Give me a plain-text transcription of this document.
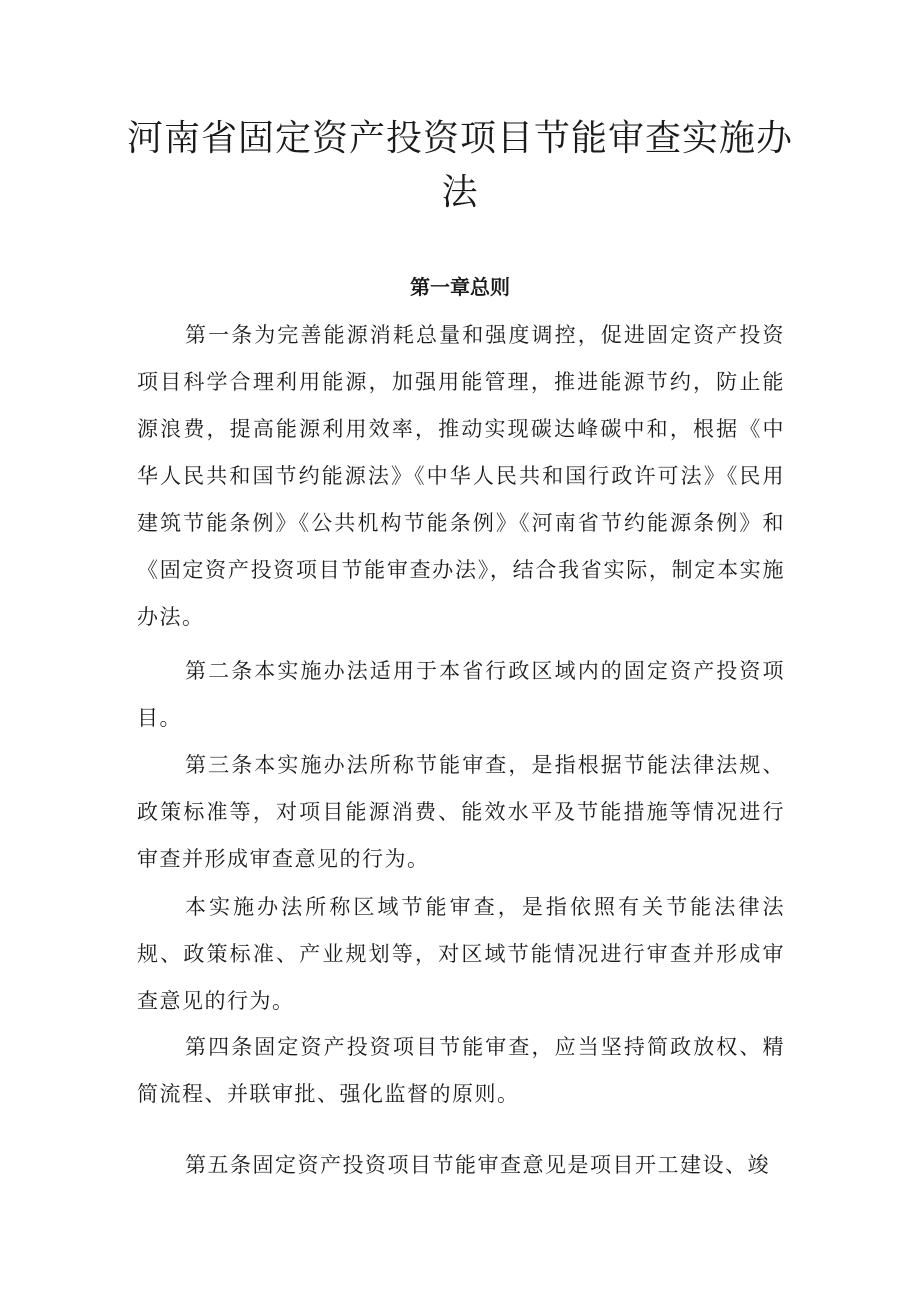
河南省固定资产投资项目节能审查实施办法
第一章总则

第一条为完善能源消耗总量和强度调控，促进固定资产投资项目科学合理利用能源，加强用能管理，推进能源节约，防止能源浪费，提高能源利用效率，推动实现碳达峰碳中和，根据《中华人民共和国节约能源法》《中华人民共和国行政许可法》《民用建筑节能条例》《公共机构节能条例》《河南省节约能源条例》和《固定资产投资项目节能审查办法》，结合我省实际，制定本实施办法。

第二条本实施办法适用于本省行政区域内的固定资产投资项目。

第三条本实施办法所称节能审查，是指根据节能法律法规、政策标准等，对项目能源消费、能效水平及节能措施等情况进行审查并形成审查意见的行为。

本实施办法所称区域节能审查，是指依照有关节能法律法规、政策标准、产业规划等，对区域节能情况进行审查并形成审查意见的行为。

第四条固定资产投资项目节能审查，应当坚持简政放权、精简流程、并联审批、强化监督的原则。

第五条固定资产投资项目节能审查意见是项目开工建设、竣
